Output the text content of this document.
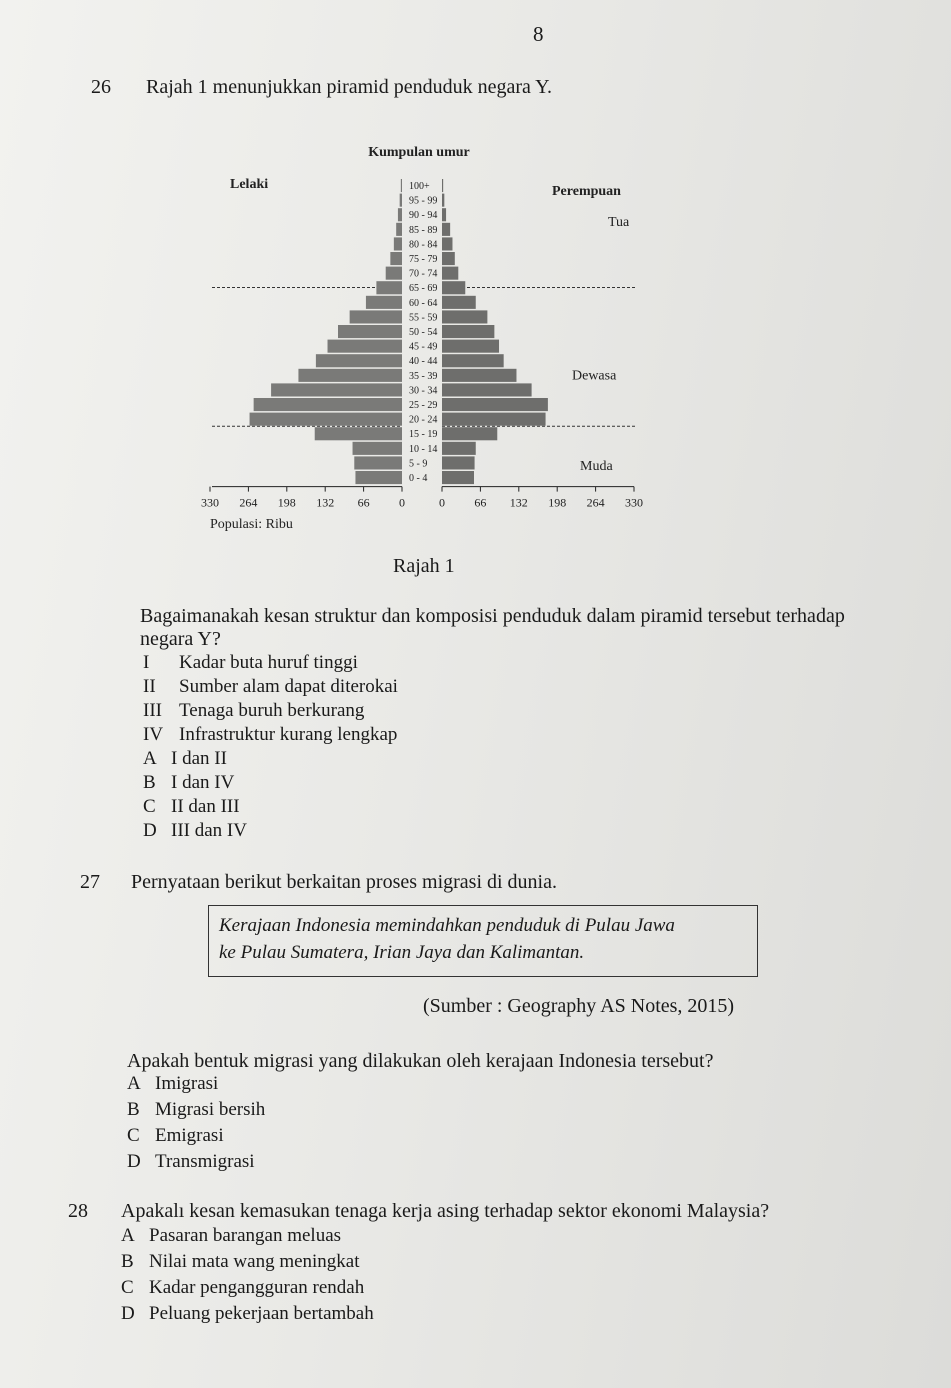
8
26 Rajah 1 menunjukkan piramid penduduk negara Y.
Kumpulan umur
Lelaki	Perempuan
Tua
Dewasa
Muda
100+
95 - 99
90 - 94
85 - 89
80 - 84
75 - 79
70 - 74
65 - 69
60 - 64
55 - 59
50 - 54
45 - 49
40 - 44
35 - 39
30 - 34
25 - 29
20 - 24
15 - 19
10 - 14
5 - 9
0 - 4
330 264 198 132 66 0	0 66 132 198 264 330
Populasi: Ribu
Rajah 1
Bagaimanakah kesan struktur dan komposisi penduduk dalam piramid tersebut terhadap
negara Y?
I Kadar buta huruf tinggi
II Sumber alam dapat diterokai
III Tenaga buruh berkurang
IV Infrastruktur kurang lengkap
A I dan II
B I dan IV
C II dan III
D III dan IV
27 Pernyataan berikut berkaitan proses migrasi di dunia.
Kerajaan Indonesia memindahkan penduduk di Pulau Jawa
ke Pulau Sumatera, Irian Jaya dan Kalimantan.
(Sumber : Geography AS Notes, 2015)
Apakah bentuk migrasi yang dilakukan oleh kerajaan Indonesia tersebut?
A Imigrasi
B Migrasi bersih
C Emigrasi
D Transmigrasi
28 Apakalı kesan kemasukan tenaga kerja asing terhadap sektor ekonomi Malaysia?
A Pasaran barangan meluas
B Nilai mata wang meningkat
C Kadar pengangguran rendah
D Peluang pekerjaan bertambah
